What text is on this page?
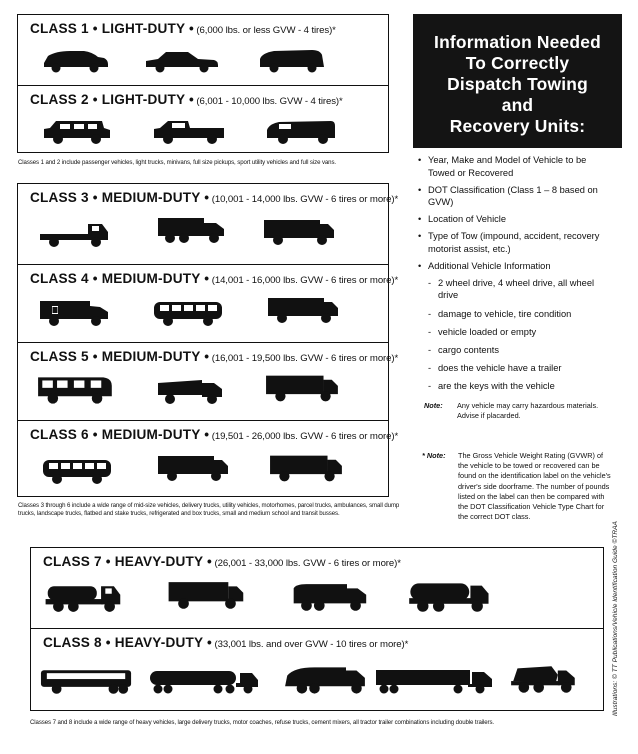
CLASS 1 • LIGHT-DUTY • (6,000 lbs. or less GVW - 4 tires)*
CLASS 2 • LIGHT-DUTY • (6,001 - 10,000 lbs. GVW - 4 tires)*
Classes 1 and 2 include passenger vehicles, light trucks, minivans, full size pickups, sport utility vehicles and full size vans.
CLASS 3 • MEDIUM-DUTY • (10,001 - 14,000 lbs. GVW - 6 tires or more)*
CLASS 4 • MEDIUM-DUTY • (14,001 - 16,000 lbs. GVW - 6 tires or more)*
CLASS 5 • MEDIUM-DUTY • (16,001 - 19,500 lbs. GVW - 6 tires or more)*
CLASS 6 • MEDIUM-DUTY • (19,501 - 26,000 lbs. GVW - 6 tires or more)*
Classes 3 through 6 include a wide range of mid-size vehicles, delivery trucks, utility vehicles, motorhomes, parcel trucks, ambulances, small dump trucks, landscape trucks, flatbed and stake trucks, refrigerated and box trucks, small and medium school and transit busses.
CLASS 7 • HEAVY-DUTY • (26,001 - 33,000 lbs. GVW - 6 tires or more)*
CLASS 8 • HEAVY-DUTY • (33,001 lbs. and over GVW - 10 tires or more)*
Classes 7 and 8 include a wide range of heavy vehicles, large delivery trucks, motor coaches, refuse trucks, cement mixers, all tractor trailer combinations including double trailers.
Information Needed
To Correctly
Dispatch Towing
and
Recovery Units:
• Year, Make and Model of Vehicle to be Towed or Recovered
• DOT Classification (Class 1 – 8 based on GVW)
• Location of Vehicle
• Type of Tow (impound, accident, recovery motorist assist, etc.)
• Additional Vehicle Information
- 2 wheel drive, 4 wheel drive, all wheel drive
- damage to vehicle, tire condition
- vehicle loaded or empty
- cargo contents
- does the vehicle have a trailer
- are the keys with the vehicle
Note: Any vehicle may carry hazardous materials. Advise if placarded.
* Note: The Gross Vehicle Weight Rating (GVWR) of the vehicle to be towed or recovered can be found on the identification label on the vehicle's driver's side doorframe. The number of pounds listed on the label can then be compared with the DOT Classification Vehicle Type Chart for the correct DOT class.
Illustrations: © TT Publications/Vehicle Identification Guide ©TRAA
